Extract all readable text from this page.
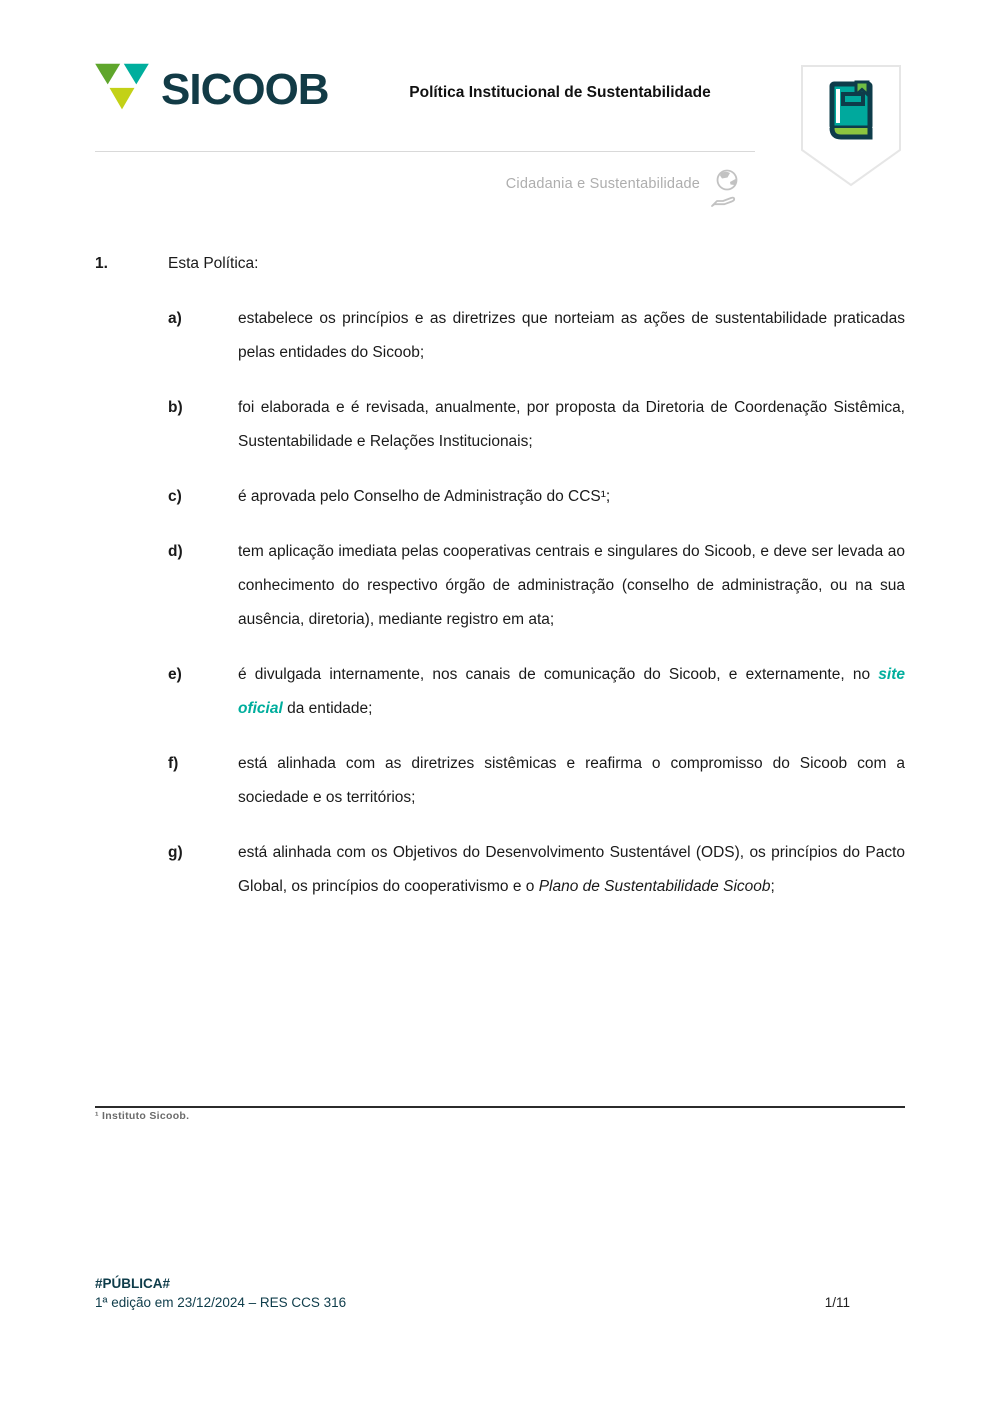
SICOOB	Política Institucional de Sustentabilidade
Cidadania e Sustentabilidade
1.	Esta Política:
a)	estabelece os princípios e as diretrizes que norteiam as ações de sustentabilidade praticadas pelas entidades do Sicoob;
b)	foi elaborada e é revisada, anualmente, por proposta da Diretoria de Coordenação Sistêmica, Sustentabilidade e Relações Institucionais;
c)	é aprovada pelo Conselho de Administração do CCS¹;
d)	tem aplicação imediata pelas cooperativas centrais e singulares do Sicoob, e deve ser levada ao conhecimento do respectivo órgão de administração (conselho de administração, ou na sua ausência, diretoria), mediante registro em ata;
e)	é divulgada internamente, nos canais de comunicação do Sicoob, e externamente, no site oficial da entidade;
f)	está alinhada com as diretrizes sistêmicas e reafirma o compromisso do Sicoob com a sociedade e os territórios;
g)	está alinhada com os Objetivos do Desenvolvimento Sustentável (ODS), os princípios do Pacto Global, os princípios do cooperativismo e o Plano de Sustentabilidade Sicoob;
¹ Instituto Sicoob.
#PÚBLICA#
1ª edição em 23/12/2024 – RES CCS 316	1/11
